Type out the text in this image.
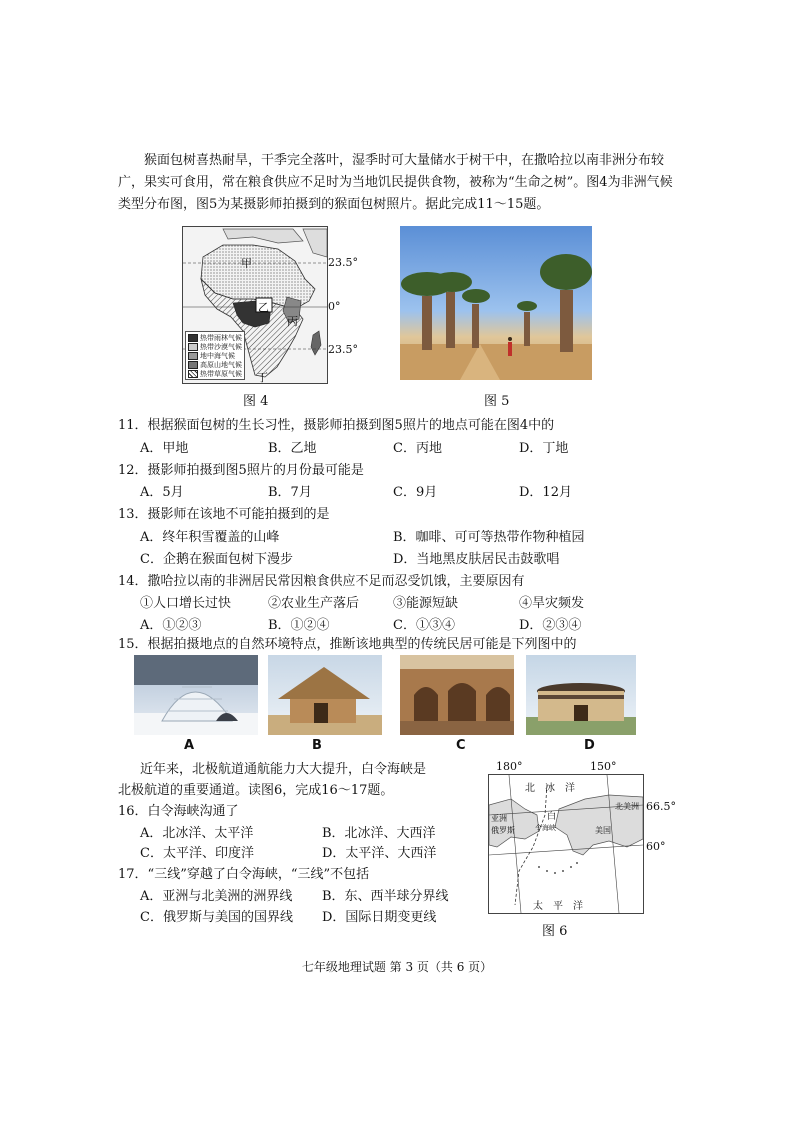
猴面包树喜热耐旱，干季完全落叶，湿季时可大量储水于树干中，在撒哈拉以南非洲分布较广，果实可食用，常在粮食供应不足时为当地饥民提供食物，被称为“生命之树”。图4为非洲气候类型分布图，图5为某摄影师拍摄到的猴面包树照片。据此完成11～15题。

甲
乙
丙
丁
热带雨林气候
热带沙漠气候
地中海气候
高原山地气候
热带草原气候
23.5°
0°
23.5°
图 4	图 5
11．根据猴面包树的生长习性，摄影师拍摄到图5照片的地点可能在图4中的
A．甲地	B．乙地	C．丙地	D．丁地
12．摄影师拍摄到图5照片的月份最可能是
A．5月	B．7月	C．9月	D．12月
13．摄影师在该地不可能拍摄到的是
A．终年积雪覆盖的山峰	B．咖啡、可可等热带作物种植园
C．企鹅在猴面包树下漫步	D．当地黑皮肤居民击鼓歌唱
14．撒哈拉以南的非洲居民常因粮食供应不足而忍受饥饿，主要原因有
①人口增长过快	②农业生产落后	③能源短缺	④旱灾频发
A．①②③	B．①②④	C．①③④	D．②③④
15．根据拍摄地点的自然环境特点，推断该地典型的传统民居可能是下列图中的
A	B	C	D
近年来，北极航道通航能力大大提升，白令海峡是
北极航道的重要通道。读图6，完成16～17题。
16．白令海峡沟通了
A．北冰洋、太平洋	B．北冰洋、大西洋
C．太平洋、印度洋	D．太平洋、大西洋
17．“三线”穿越了白令海峡，“三线”不包括
A．亚洲与北美洲的洲界线 B．东、西半球分界线
C．俄罗斯与美国的国界线 D．国际日期变更线
180°	150°
北　冰　洋
太　平　洋
北美洲
美国
亚洲
俄罗斯
白
令海峡
66.5°
60°
图 6
七年级地理试题 第 3 页（共 6 页）
